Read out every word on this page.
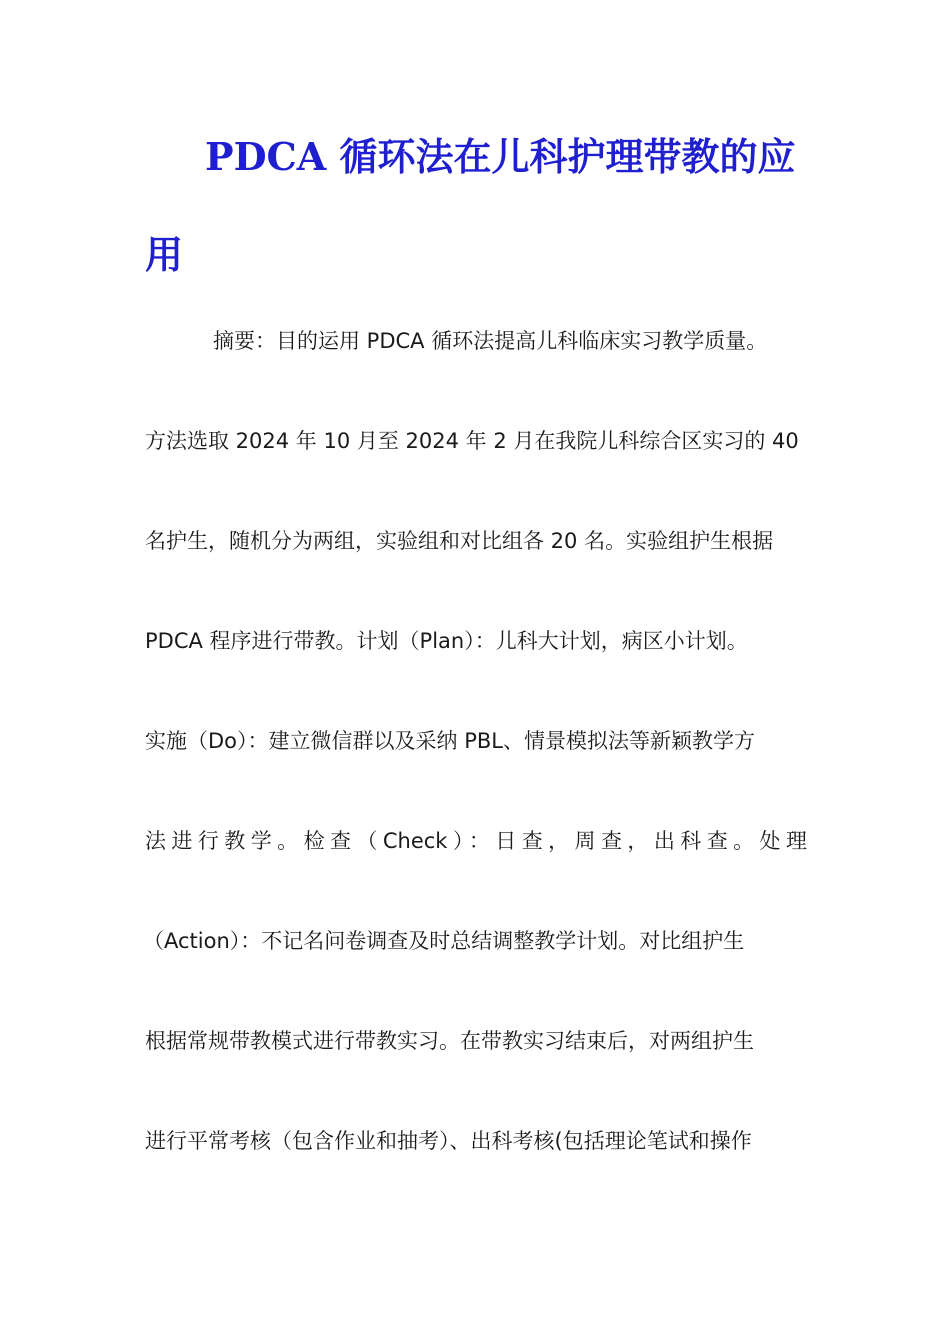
PDCA 循环法在儿科护理带教的应
用
摘要：目的运用 PDCA 循环法提高儿科临床实习教学质量。
方法选取 2024 年 10 月至 2024 年 2 月在我院儿科综合区实习的 40
名护生，随机分为两组，实验组和对比组各 20 名。实验组护生根据
PDCA 程序进行带教。计划（Plan）：儿科大计划，病区小计划。
实施（Do）：建立微信群以及采纳 PBL、情景模拟法等新颖教学方
法进行教学。检查（Check）：日查，周查，出科查。处理
（Action）：不记名问卷调查及时总结调整教学计划。对比组护生
根据常规带教模式进行带教实习。在带教实习结束后，对两组护生
进行平常考核（包含作业和抽考）、出科考核(包括理论笔试和操作
